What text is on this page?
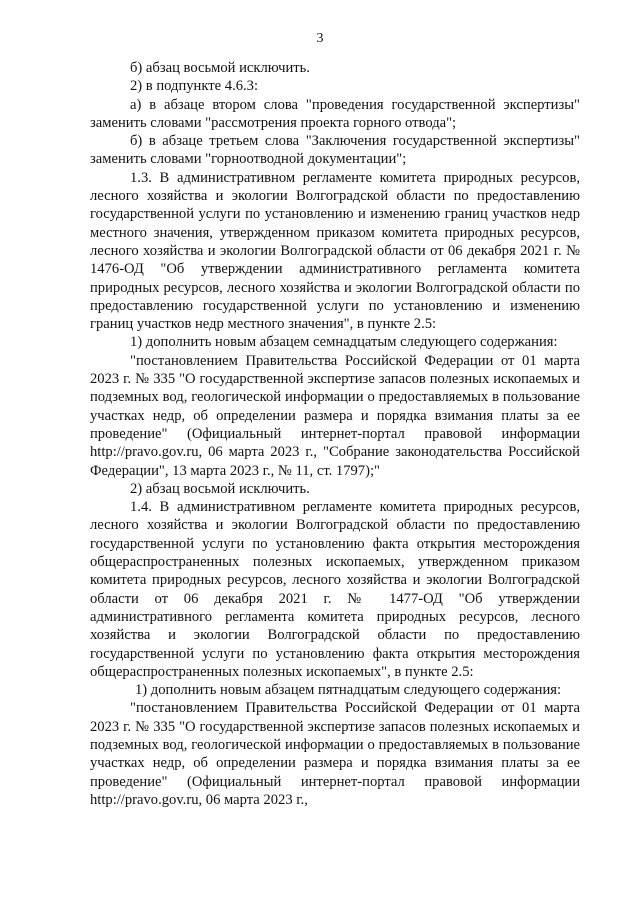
3

б) абзац восьмой исключить.

2) в подпункте 4.6.3:

а) в абзаце втором слова "проведения государственной экспертизы" заменить словами "рассмотрения проекта горного отвода";

б) в абзаце третьем слова "Заключения государственной экспертизы" заменить словами "горноотводной документации";

1.3. В административном регламенте комитета природных ресурсов, лесного хозяйства и экологии Волгоградской области по предоставлению государственной услуги по установлению и изменению границ участков недр местного значения, утвержденном приказом комитета природных ресурсов, лесного хозяйства и экологии Волгоградской области от 06 декабря 2021 г. № 1476-ОД "Об утверждении административного регламента комитета природных ресурсов, лесного хозяйства и экологии Волгоградской области по предоставлению государственной услуги по установлению и изменению границ участков недр местного значения", в пункте 2.5:

1) дополнить новым абзацем семнадцатым следующего содержания:

"постановлением Правительства Российской Федерации от 01 марта 2023 г. № 335 "О государственной экспертизе запасов полезных ископаемых и подземных вод, геологической информации о предоставляемых в пользование участках недр, об определении размера и порядка взимания платы за ее проведение" (Официальный интернет-портал правовой информации http://pravo.gov.ru, 06 марта 2023 г., "Собрание законодательства Российской Федерации", 13 марта 2023 г., № 11, ст. 1797);"

2) абзац восьмой исключить.

1.4. В административном регламенте комитета природных ресурсов, лесного хозяйства и экологии Волгоградской области по предоставлению государственной услуги по установлению факта открытия месторождения общераспространенных полезных ископаемых, утвержденном приказом комитета природных ресурсов, лесного хозяйства и экологии Волгоградской области от 06 декабря 2021 г. № 1477-ОД "Об утверждении административного регламента комитета природных ресурсов, лесного хозяйства и экологии Волгоградской области по предоставлению государственной услуги по установлению факта открытия месторождения общераспространенных полезных ископаемых", в пункте 2.5:

1) дополнить новым абзацем пятнадцатым следующего содержания:

"постановлением Правительства Российской Федерации от 01 марта 2023 г. № 335 "О государственной экспертизе запасов полезных ископаемых и подземных вод, геологической информации о предоставляемых в пользование участках недр, об определении размера и порядка взимания платы за ее проведение" (Официальный интернет-портал правовой информации http://pravo.gov.ru, 06 марта 2023 г.,
